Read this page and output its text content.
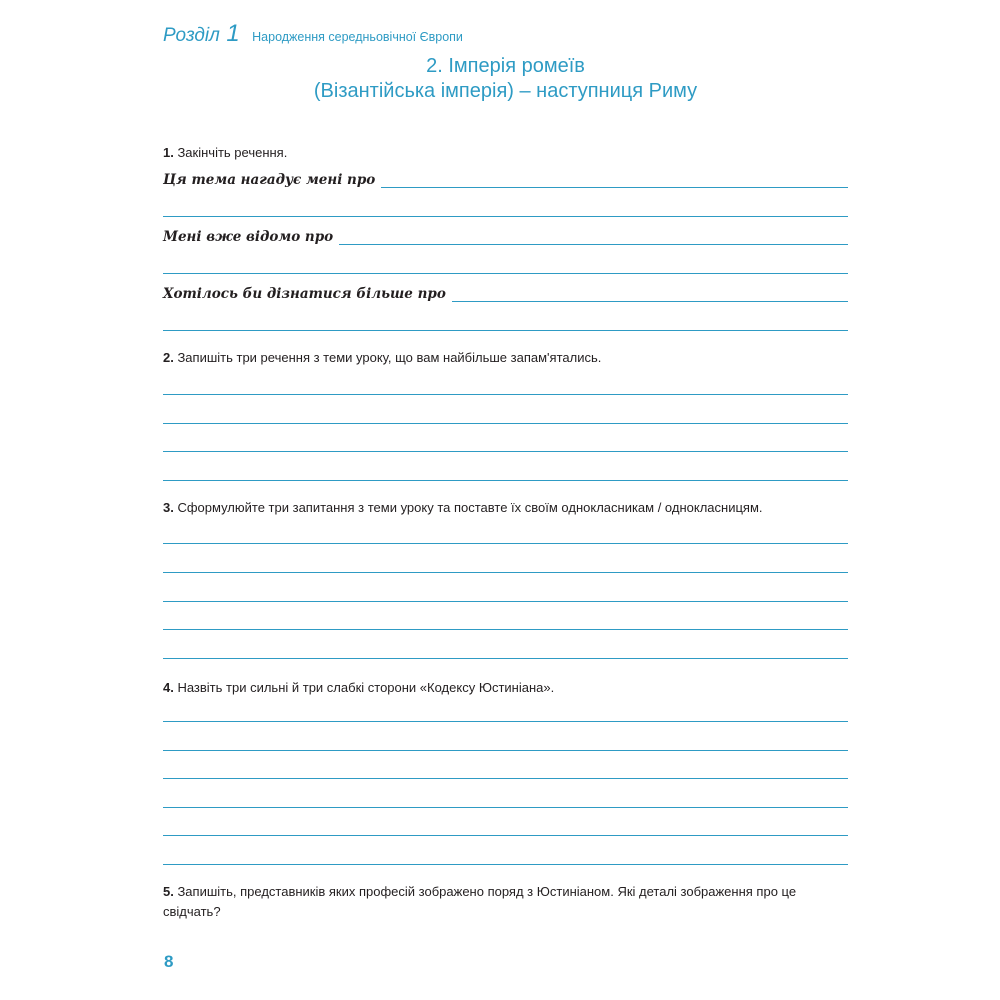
Розділ 1 Народження середньовічної Європи
2. Імперія ромеїв
(Візантійська імперія) – наступниця Риму
1. Закінчіть речення.
Ця тема нагадує мені про
Мені вже відомо про
Хотілось би дізнатися більше про
2. Запишіть три речення з теми уроку, що вам найбільше запам'ятались.
3. Сформулюйте три запитання з теми уроку та поставте їх своїм однокласникам / однокласницям.
4. Назвіть три сильні й три слабкі сторони «Кодексу Юстиніана».
5. Запишіть, представників яких професій зображено поряд з Юстиніаном. Які деталі зображення про це свідчать?
8
